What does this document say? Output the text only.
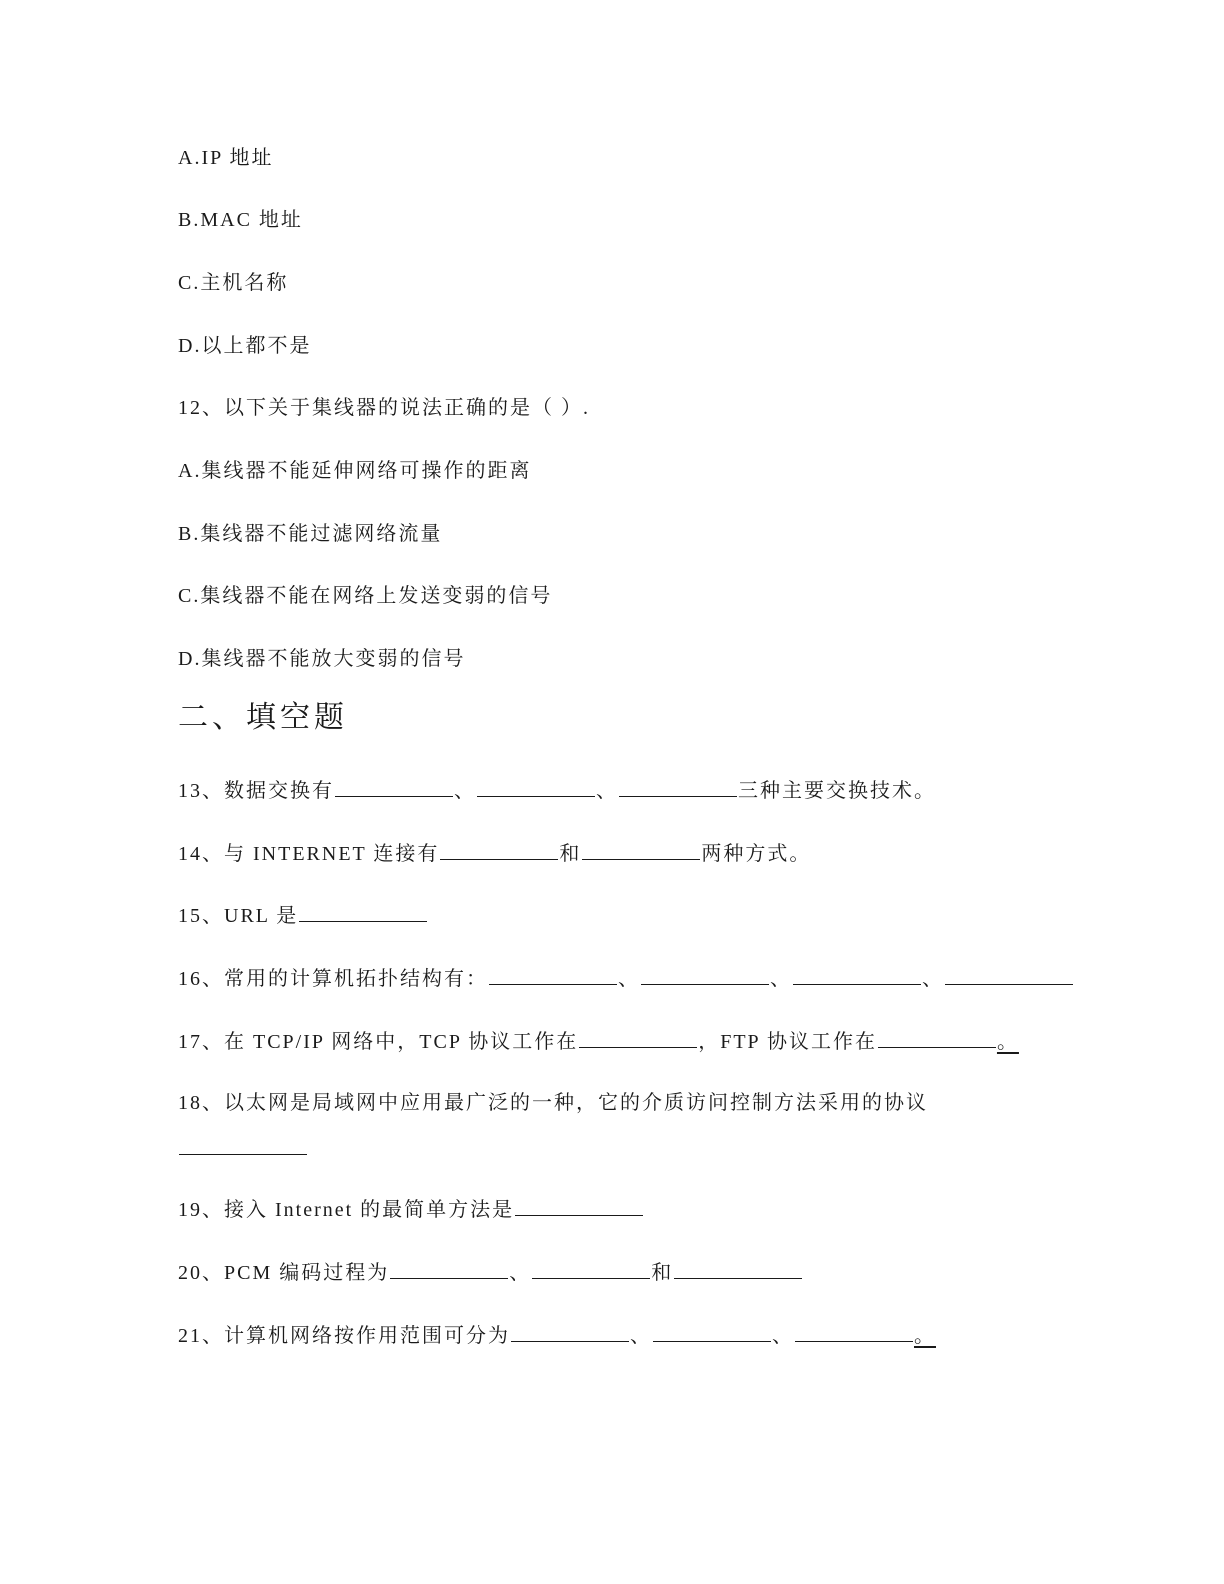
A.IP 地址
B.MAC 地址
C.主机名称
D.以上都不是
12、以下关于集线器的说法正确的是（ ）.
A.集线器不能延伸网络可操作的距离
B.集线器不能过滤网络流量
C.集线器不能在网络上发送变弱的信号
D.集线器不能放大变弱的信号
二、填空题
13、数据交换有	、	、	三种主要交换技术。
14、与 INTERNET 连接有	和	两种方式。
15、URL 是
16、常用的计算机拓扑结构有：	、	、	、
17、在 TCP/IP 网络中，TCP 协议工作在	，FTP 协议工作在	。
18、以太网是局域网中应用最广泛的一种，它的介质访问控制方法采用的协议
19、接入 Internet 的最简单方法是
20、PCM 编码过程为	、	和
21、计算机网络按作用范围可分为	、	、	。
